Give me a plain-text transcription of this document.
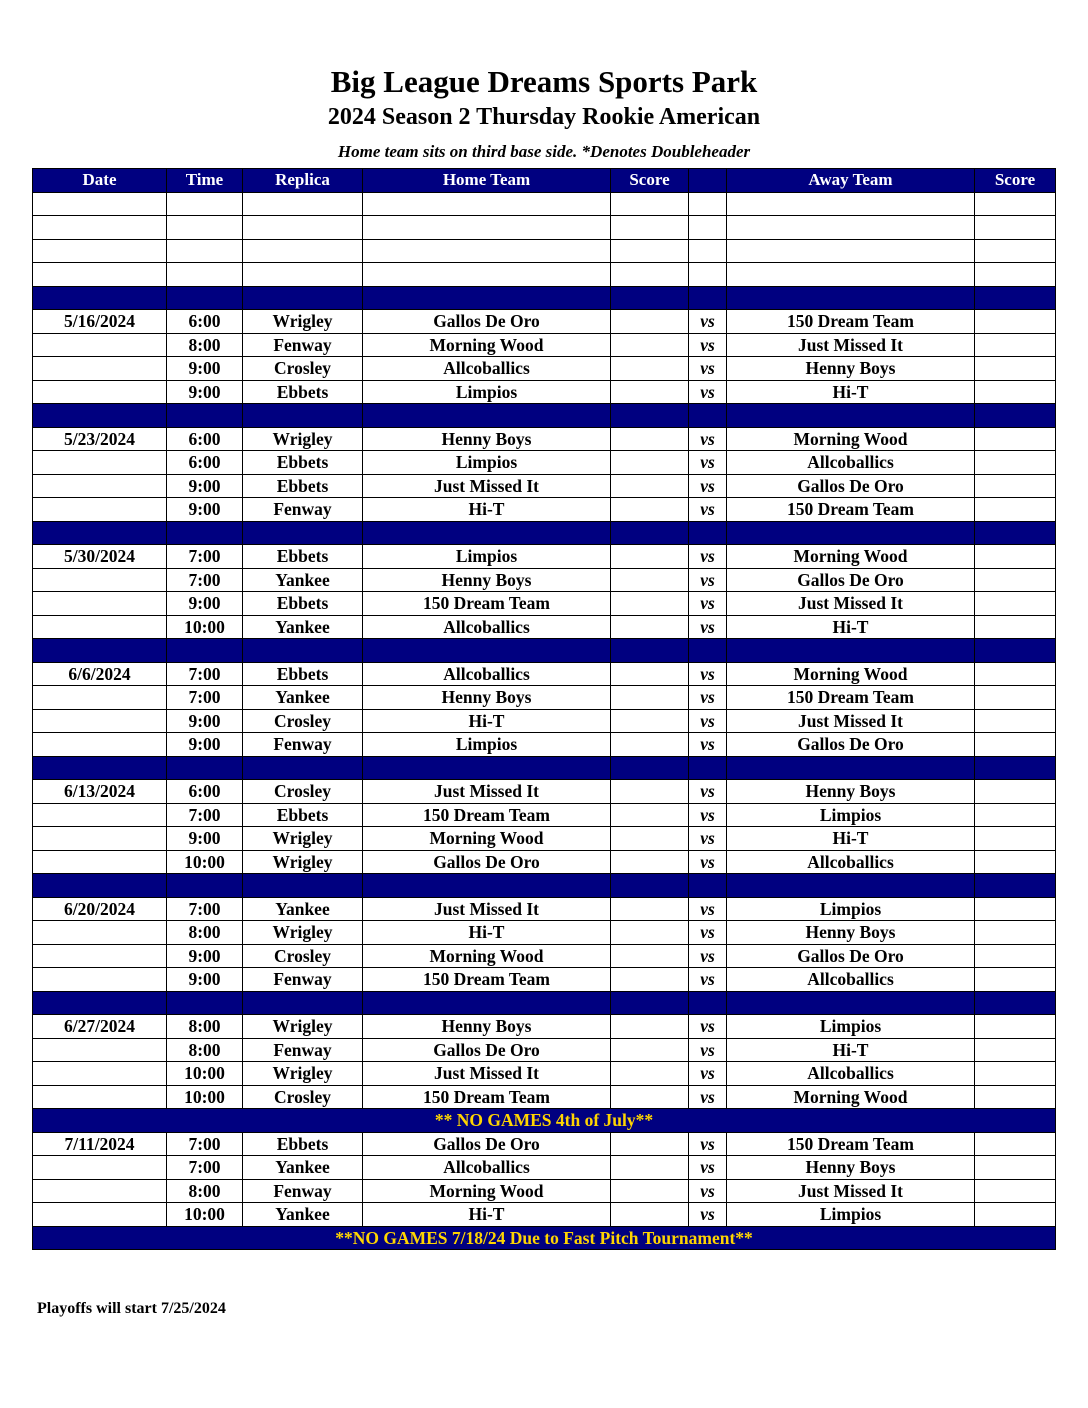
Big League Dreams Sports Park
2024 Season 2 Thursday Rookie American
Home team sits on third base side. *Denotes Doubleheader
Date	Time	Replica	Home Team	Score		Away Team	Score

5/16/2024	6:00	Wrigley	Gallos De Oro		vs	150 Dream Team	
	8:00	Fenway	Morning Wood		vs	Just Missed It	
	9:00	Crosley	Allcoballics		vs	Henny Boys	
	9:00	Ebbets	Limpios		vs	Hi-T	

5/23/2024	6:00	Wrigley	Henny Boys		vs	Morning Wood	
	6:00	Ebbets	Limpios		vs	Allcoballics	
	9:00	Ebbets	Just Missed It		vs	Gallos De Oro	
	9:00	Fenway	Hi-T		vs	150 Dream Team	

5/30/2024	7:00	Ebbets	Limpios		vs	Morning Wood	
	7:00	Yankee	Henny Boys		vs	Gallos De Oro	
	9:00	Ebbets	150 Dream Team		vs	Just Missed It	
	10:00	Yankee	Allcoballics		vs	Hi-T	

6/6/2024	7:00	Ebbets	Allcoballics		vs	Morning Wood	
	7:00	Yankee	Henny Boys		vs	150 Dream Team	
	9:00	Crosley	Hi-T		vs	Just Missed It	
	9:00	Fenway	Limpios		vs	Gallos De Oro	

6/13/2024	6:00	Crosley	Just Missed It		vs	Henny Boys	
	7:00	Ebbets	150 Dream Team		vs	Limpios	
	9:00	Wrigley	Morning Wood		vs	Hi-T	
	10:00	Wrigley	Gallos De Oro		vs	Allcoballics	

6/20/2024	7:00	Yankee	Just Missed It		vs	Limpios	
	8:00	Wrigley	Hi-T		vs	Henny Boys	
	9:00	Crosley	Morning Wood		vs	Gallos De Oro	
	9:00	Fenway	150 Dream Team		vs	Allcoballics	

6/27/2024	8:00	Wrigley	Henny Boys		vs	Limpios	
	8:00	Fenway	Gallos De Oro		vs	Hi-T	
	10:00	Wrigley	Just Missed It		vs	Allcoballics	
	10:00	Crosley	150 Dream Team		vs	Morning Wood	
** NO GAMES 4th of July**							
7/11/2024	7:00	Ebbets	Gallos De Oro		vs	150 Dream Team	
	7:00	Yankee	Allcoballics		vs	Henny Boys	
	8:00	Fenway	Morning Wood		vs	Just Missed It	
	10:00	Yankee	Hi-T		vs	Limpios	
**NO GAMES 7/18/24 Due to Fast Pitch Tournament**							
Playoffs will start 7/25/2024
